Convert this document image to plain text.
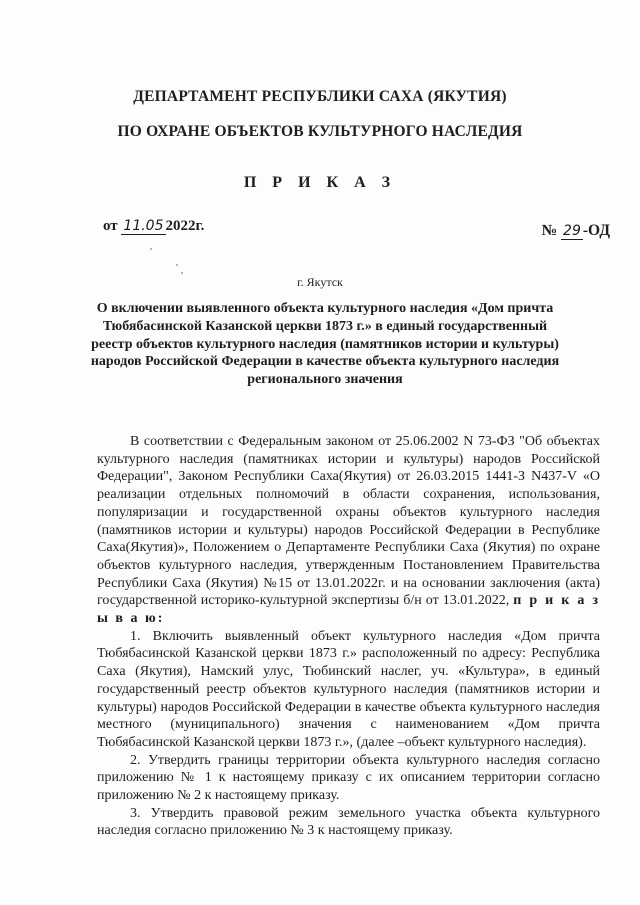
ДЕПАРТАМЕНТ РЕСПУБЛИКИ САХА (ЯКУТИЯ)
ПО ОХРАНЕ ОБЪЕКТОВ КУЛЬТУРНОГО НАСЛЕДИЯ
П Р И К А З
от 11.05 2022г.	№ 29 -ОД
г. Якутск
О включении выявленного объекта культурного наследия «Дом причта Тюбябасинской Казанской церкви 1873 г.» в единый государственный реестр объектов культурного наследия (памятников истории и культуры) народов Российской Федерации в качестве объекта культурного наследия регионального значения

В соответствии с Федеральным законом от 25.06.2002 N 73-ФЗ "Об объектах культурного наследия (памятниках истории и культуры) народов Российской Федерации", Законом Республики Саха(Якутия) от 26.03.2015 1441-З N437-V «О реализации отдельных полномочий в области сохранения, использования, популяризации и государственной охраны объектов культурного наследия (памятников истории и культуры) народов Российской Федерации в Республике Саха(Якутия)», Положением о Департаменте Республики Саха (Якутия) по охране объектов культурного наследия, утвержденным Постановлением Правительства Республики Саха (Якутия) №15 от 13.01.2022г. и на основании заключения (акта) государственной историко-культурной экспертизы б/н от 13.01.2022, п р и к а з ы в а ю:

1. Включить выявленный объект культурного наследия «Дом причта Тюбябасинской Казанской церкви 1873 г.» расположенный по адресу: Республика Саха (Якутия), Намский улус, Тюбинский наслег, уч. «Культура», в единый государственный реестр объектов культурного наследия (памятников истории и культуры) народов Российской Федерации в качестве объекта культурного наследия местного (муниципального) значения с наименованием «Дом причта Тюбябасинской Казанской церкви 1873 г.», (далее –объект культурного наследия).

2. Утвердить границы территории объекта культурного наследия согласно приложению № 1 к настоящему приказу с их описанием территории согласно приложению № 2 к настоящему приказу.

3. Утвердить правовой режим земельного участка объекта культурного наследия согласно приложению № 3 к настоящему приказу.
